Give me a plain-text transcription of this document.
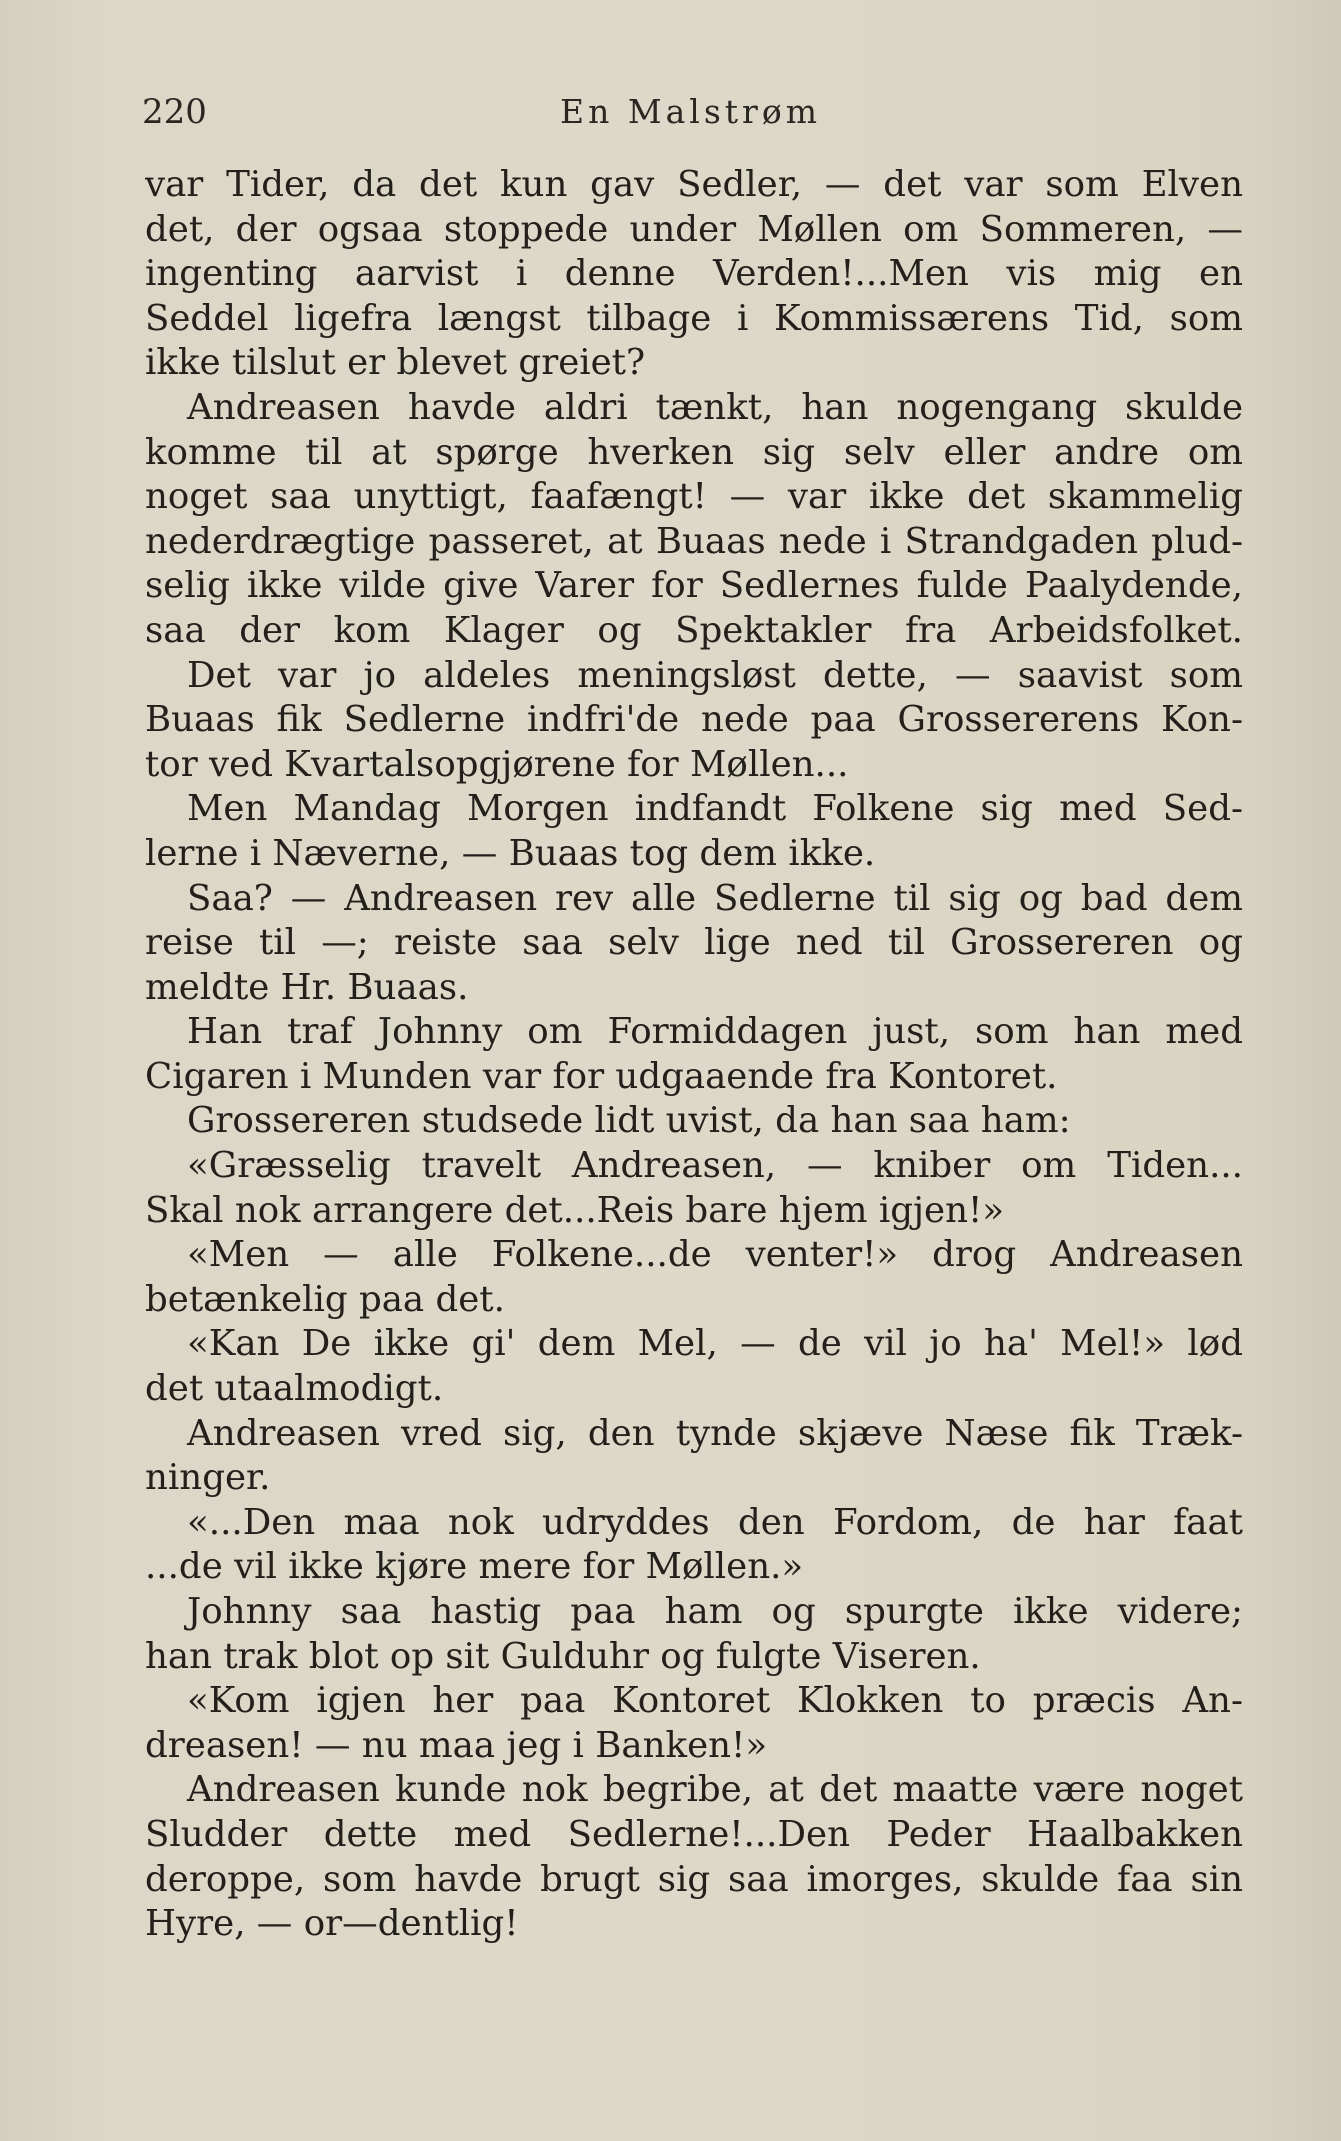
220	En Malstrøm
var Tider, da det kun gav Sedler, — det var som Elven
det, der ogsaa stoppede under Møllen om Sommeren, —
ingenting aarvist i denne Verden!...Men vis mig en
Seddel ligefra længst tilbage i Kommissærens Tid, som
ikke tilslut er blevet greiet?
Andreasen havde aldri tænkt, han nogengang skulde
komme til at spørge hverken sig selv eller andre om
noget saa unyttigt, faafængt! — var ikke det skammelig
nederdrægtige passeret, at Buaas nede i Strandgaden plud-
selig ikke vilde give Varer for Sedlernes fulde Paalydende,
saa der kom Klager og Spektakler fra Arbeidsfolket.
Det var jo aldeles meningsløst dette, — saavist som
Buaas fik Sedlerne indfri'de nede paa Grossererens Kon-
tor ved Kvartalsopgjørene for Møllen...
Men Mandag Morgen indfandt Folkene sig med Sed-
lerne i Næverne, — Buaas tog dem ikke.
Saa? — Andreasen rev alle Sedlerne til sig og bad dem
reise til —; reiste saa selv lige ned til Grossereren og
meldte Hr. Buaas.
Han traf Johnny om Formiddagen just, som han med
Cigaren i Munden var for udgaaende fra Kontoret.
Grossereren studsede lidt uvist, da han saa ham:
«Græsselig travelt Andreasen, — kniber om Tiden...
Skal nok arrangere det...Reis bare hjem igjen!»
«Men — alle Folkene...de venter!» drog Andreasen
betænkelig paa det.
«Kan De ikke gi' dem Mel, — de vil jo ha' Mel!» lød
det utaalmodigt.
Andreasen vred sig, den tynde skjæve Næse fik Træk-
ninger.
«...Den maa nok udryddes den Fordom, de har faat
...de vil ikke kjøre mere for Møllen.»
Johnny saa hastig paa ham og spurgte ikke videre;
han trak blot op sit Gulduhr og fulgte Viseren.
«Kom igjen her paa Kontoret Klokken to præcis An-
dreasen! — nu maa jeg i Banken!»
Andreasen kunde nok begribe, at det maatte være noget
Sludder dette med Sedlerne!...Den Peder Haalbakken
deroppe, som havde brugt sig saa imorges, skulde faa sin
Hyre, — or—dentlig!
